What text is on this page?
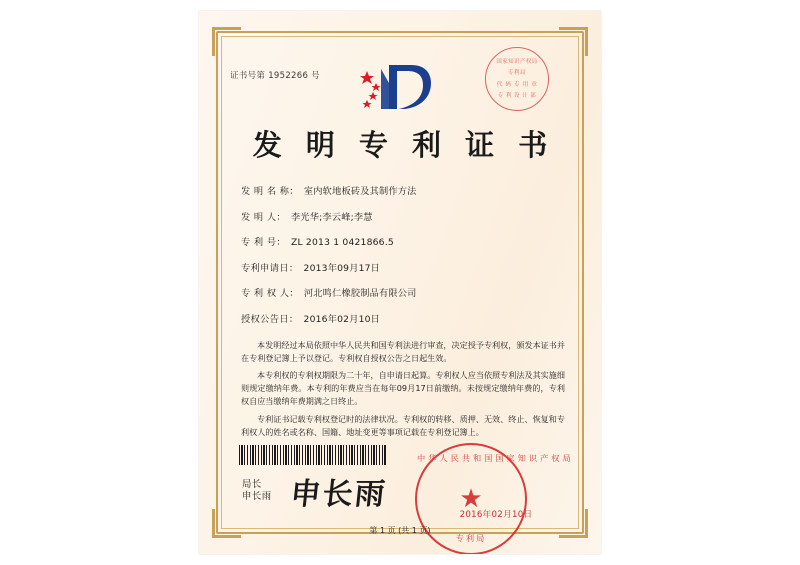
证书号第 1952266 号
国家知识产权局
专利局
代 码 专 用 章
专 利 设 计 部
发 明 专 利 证 书
发 明 名 称： 室内软地板砖及其制作方法
发 明 人： 李光华;李云峰;李慧
专 利 号： ZL 2013 1 0421866.5
专利申请日： 2013年09月17日
专 利 权 人： 河北鸣仁橡胶制品有限公司
授权公告日： 2016年02月10日

本发明经过本局依照中华人民共和国专利法进行审查，决定授予专利权，颁发本证书并在专利登记簿上予以登记。专利权自授权公告之日起生效。

本专利权的专利权期限为二十年，自申请日起算。专利权人应当依照专利法及其实施细则规定缴纳年费。本专利的年费应当在每年09月17日前缴纳。未按规定缴纳年费的，专利权自应当缴纳年费期满之日终止。

专利证书记载专利权登记时的法律状况。专利权的转移、质押、无效、终止、恢复和专利权人的姓名或名称、国籍、地址变更等事项记载在专利登记簿上。

局长
申长雨 申长雨
中华人民共和国国家知识产权局
★
专利局
2016年02月10日
第 1 页 (共 1 页)
